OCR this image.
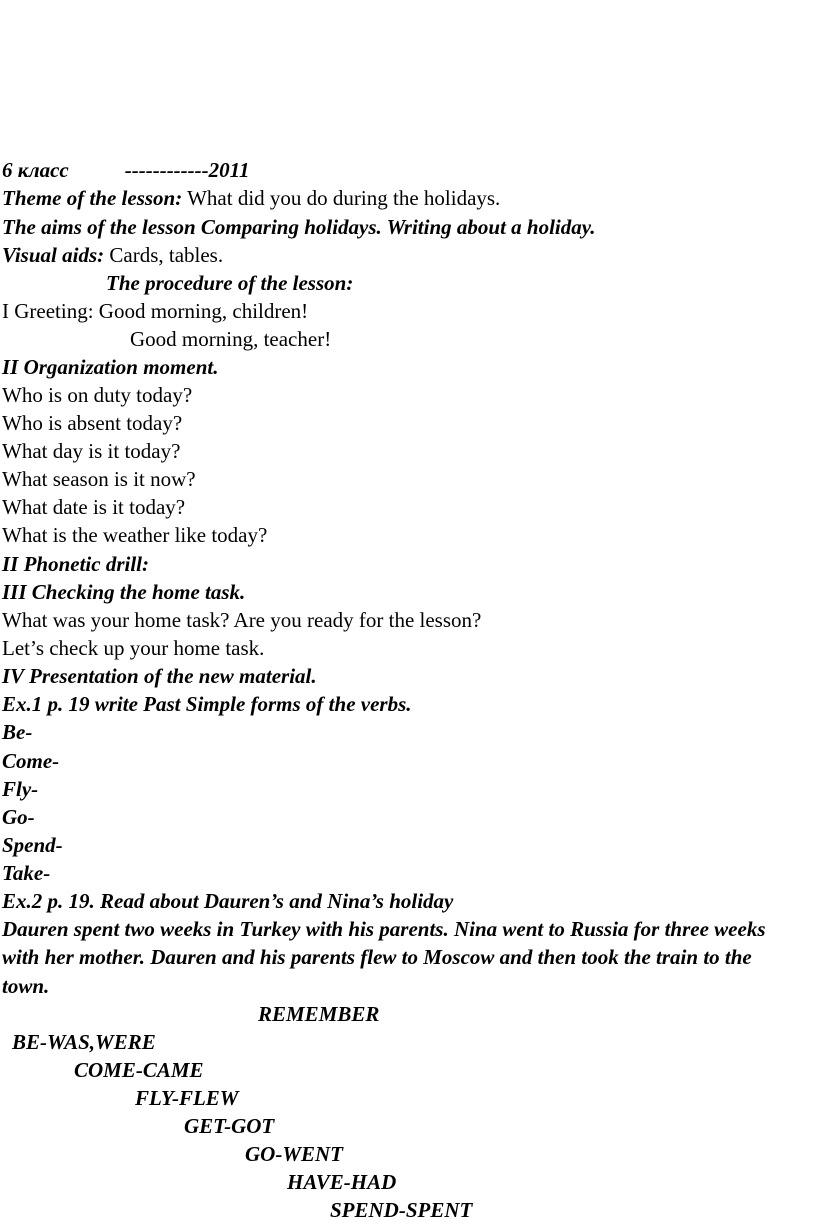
6 класс	------------2011
Theme of the lesson: What did you do during the holidays.
The aims of the lesson Comparing holidays. Writing about a holiday.
Visual aids: Cards, tables.
The procedure of the lesson:
I Greeting: Good morning, children!
Good morning, teacher!
II Organization moment.
Who is on duty today?
Who is absent today?
What day is it today?
What season is it now?
What date is it today?
What is the weather like today?
II Phonetic drill:
III Checking the home task.
What was your home task? Are you ready for the lesson?
Let’s check up your home task.
IV Presentation of the new material.
Ex.1 p. 19 write Past Simple forms of the verbs.
Be-
Come-
Fly-
Go-
Spend-
Take-
Ex.2 p. 19. Read about Dauren’s and Nina’s holiday
Dauren spent two weeks in Turkey with his parents. Nina went to Russia for three weeks with her mother. Dauren and his parents flew to Moscow and then took the train to the town.
REMEMBER
BE-WAS,WERE
COME-CAME
FLY-FLEW
GET-GOT
GO-WENT
HAVE-HAD
SPEND-SPENT
